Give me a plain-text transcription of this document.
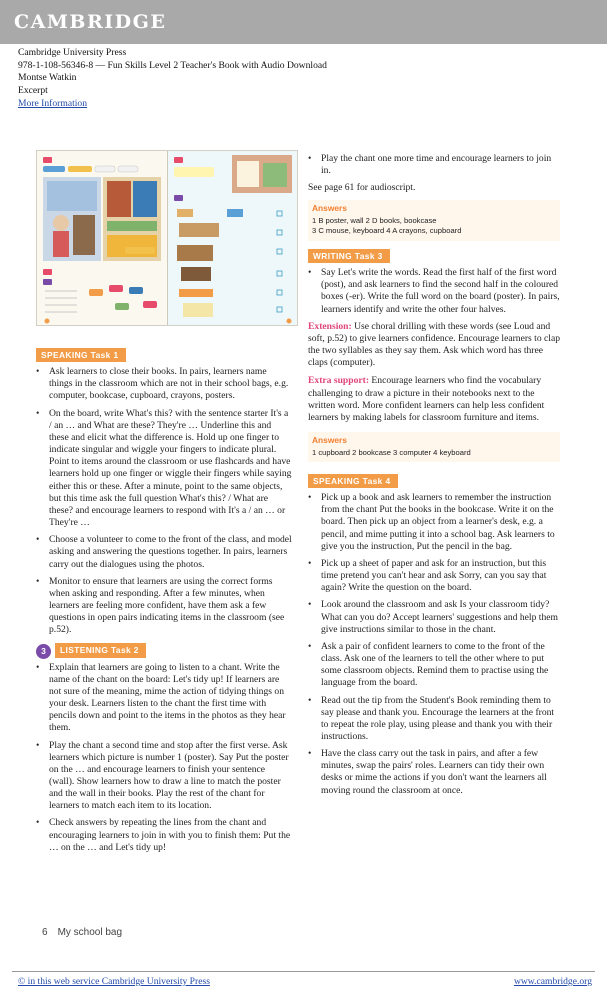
CAMBRIDGE
Cambridge University Press
978-1-108-56346-8 — Fun Skills Level 2 Teacher's Book with Audio Download
Montse Watkin
Excerpt
More Information
SPEAKING Task 1
• Ask learners to close their books. In pairs, learners name things in the classroom which are not in their school bags, e.g. computer, bookcase, cupboard, crayons, posters.
• On the board, write What's this? with the sentence starter It's a / an … and What are these? They're … Underline this and these and elicit what the difference is. Hold up one finger to indicate singular and wiggle your fingers to indicate plural. Point to items around the classroom or use flashcards and have learners hold up one finger or wiggle their fingers while saying either this or these. After a minute, point to the same objects, but this time ask the full question What's this? / What are these? and encourage learners to respond with It's a / an … or They're …
• Choose a volunteer to come to the front of the class, and model asking and answering the questions together. In pairs, learners carry out the dialogues using the photos.
• Monitor to ensure that learners are using the correct forms when asking and responding. After a few minutes, when learners are feeling more confident, have them ask a few questions in open pairs indicating items in the classroom (see p.52).
3	LISTENING Task 2
• Explain that learners are going to listen to a chant. Write the name of the chant on the board: Let's tidy up! If learners are not sure of the meaning, mime the action of tidying things on your desk. Learners listen to the chant the first time with pencils down and point to the items in the photos as they hear them.
• Play the chant a second time and stop after the first verse. Ask learners which picture is number 1 (poster). Say Put the poster on the … and encourage learners to finish your sentence (wall). Show learners how to draw a line to match the poster and the wall in their books. Play the rest of the chant for learners to match each item to its location.
• Check answers by repeating the lines from the chant and encouraging learners to join in with you to finish them: Put the … on the … and Let's tidy up!
• Play the chant one more time and encourage learners to join in.

See page 61 for audioscript.

Answers
1 B poster, wall 2 D books, bookcase
3 C mouse, keyboard 4 A crayons, cupboard
WRITING Task 3
• Say Let's write the words. Read the first half of the first word (post), and ask learners to find the second half in the coloured boxes (-er). Write the full word on the board (poster). In pairs, learners identify and write the other four halves.

Extension: Use choral drilling with these words (see Loud and soft, p.52) to give learners confidence. Encourage learners to clap the two syllables as they say them. Ask which word has three claps (computer).

Extra support: Encourage learners who find the vocabulary challenging to draw a picture in their notebooks next to the written word. More confident learners can help less confident learners by making labels for classroom furniture and items.

Answers
1 cupboard 2 bookcase 3 computer 4 keyboard
SPEAKING Task 4
• Pick up a book and ask learners to remember the instruction from the chant Put the books in the bookcase. Write it on the board. Then pick up an object from a learner's desk, e.g. a pencil, and mime putting it into a school bag. Ask learners to give you the instruction, Put the pencil in the bag.
• Pick up a sheet of paper and ask for an instruction, but this time pretend you can't hear and ask Sorry, can you say that again? Write the question on the board.
• Look around the classroom and ask Is your classroom tidy? What can you do? Accept learners' suggestions and help them give instructions similar to those in the chant.
• Ask a pair of confident learners to come to the front of the class. Ask one of the learners to tell the other where to put some classroom objects. Remind them to practise using the language from the board.
• Read out the tip from the Student's Book reminding them to say please and thank you. Encourage the learners at the front to repeat the role play, using please and thank you with their instructions.
• Have the class carry out the task in pairs, and after a few minutes, swap the pairs' roles. Learners can tidy their own desks or mime the actions if you don't want the learners all moving round the classroom at once.
6 My school bag
© in this web service Cambridge University Press	www.cambridge.org
